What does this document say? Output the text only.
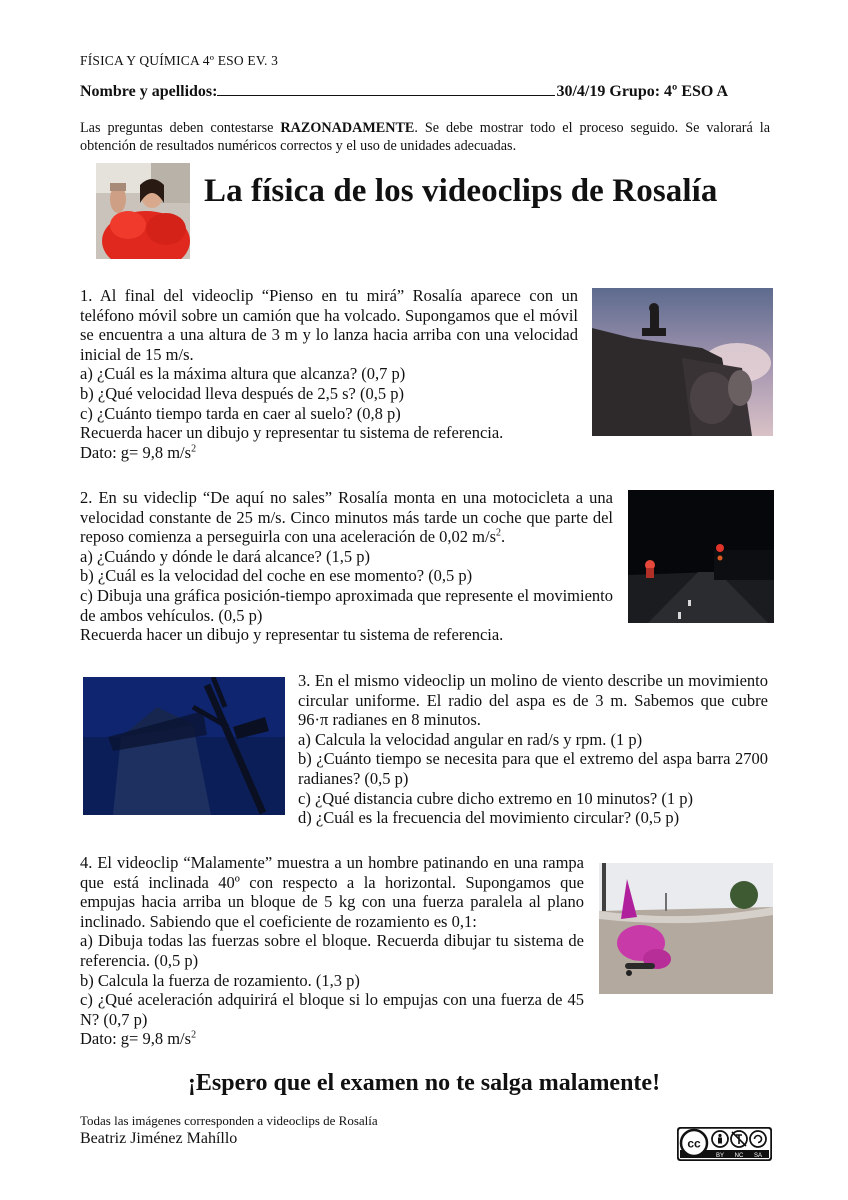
FÍSICA Y QUÍMICA 4º ESO EV. 3
Nombre y apellidos:	30/4/19 Grupo: 4º ESO A
Las preguntas deben contestarse RAZONADAMENTE. Se debe mostrar todo el proceso seguido. Se valorará la obtención de resultados numéricos correctos y el uso de unidades adecuadas.
La física de los videoclips de Rosalía
1. Al final del videoclip “Pienso en tu mirá” Rosalía aparece con un teléfono móvil sobre un camión que ha volcado. Supongamos que el móvil se encuentra a una altura de 3 m y lo lanza hacia arriba con una velocidad inicial de 15 m/s.
a) ¿Cuál es la máxima altura que alcanza? (0,7 p)
b) ¿Qué velocidad lleva después de 2,5 s? (0,5 p)
c) ¿Cuánto tiempo tarda en caer al suelo? (0,8 p)
Recuerda hacer un dibujo y representar tu sistema de referencia.
Dato: g= 9,8 $m/s^2$
2. En su videclip “De aquí no sales” Rosalía monta en una motocicleta a una velocidad constante de 25 m/s. Cinco minutos más tarde un coche que parte del reposo comienza a perseguirla con una aceleración de 0,02 $m/s^2$.
a) ¿Cuándo y dónde le dará alcance? (1,5 p)
b) ¿Cuál es la velocidad del coche en ese momento? (0,5 p)
c) Dibuja una gráfica posición-tiempo aproximada que represente el movimiento de ambos vehículos. (0,5 p)
Recuerda hacer un dibujo y representar tu sistema de referencia.
3. En el mismo videoclip un molino de viento describe un movimiento circular uniforme. El radio del aspa es de 3 m. Sabemos que cubre 96·π radianes en 8 minutos.
a) Calcula la velocidad angular en rad/s y rpm. (1 p)
b) ¿Cuánto tiempo se necesita para que el extremo del aspa barra 2700 radianes? (0,5 p)
c) ¿Qué distancia cubre dicho extremo en 10 minutos? (1 p)
d) ¿Cuál es la frecuencia del movimiento circular? (0,5 p)
4. El videoclip “Malamente” muestra a un hombre patinando en una rampa que está inclinada 40º con respecto a la horizontal. Supongamos que empujas hacia arriba un bloque de 5 kg con una fuerza paralela al plano inclinado. Sabiendo que el coeficiente de rozamiento es 0,1:
a) Dibuja todas las fuerzas sobre el bloque. Recuerda dibujar tu sistema de referencia. (0,5 p)
b) Calcula la fuerza de rozamiento. (1,3 p)
c) ¿Qué aceleración adquirirá el bloque si lo empujas con una fuerza de 45 N? (0,7 p)
Dato: g= 9,8 $m/s^2$
¡Espero que el examen no te salga malamente!
Todas las imágenes corresponden a videoclips de Rosalía
Beatriz Jiménez Mahíllo	cc
BY NC SA
